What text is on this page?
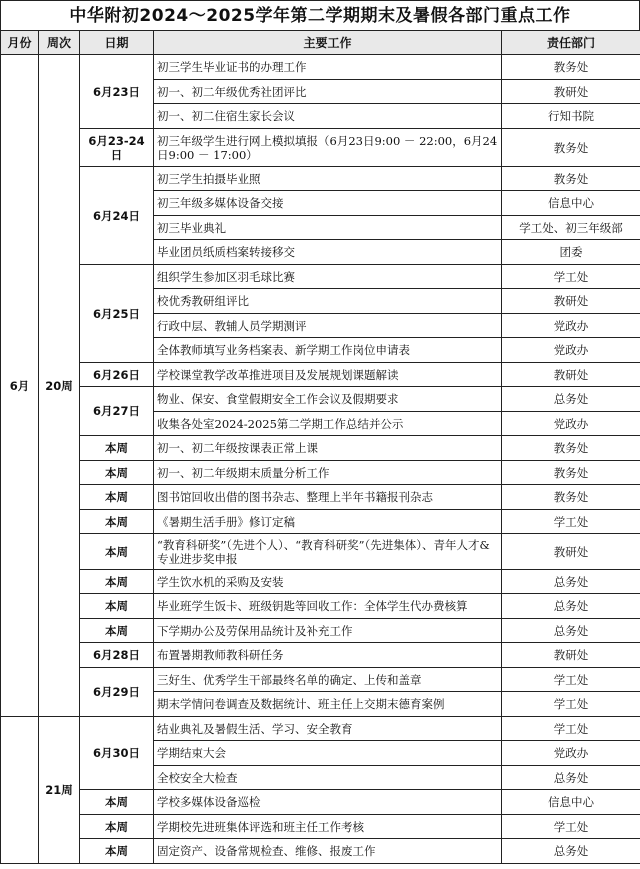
中华附初2024～2025学年第二学期期末及暑假各部门重点工作
月份	周次	日期	主要工作	责任部门
6月	20周	6月23日	初三学生毕业证书的办理工作	教务处
			初一、初二年级优秀社团评比	教研处
			初一、初二住宿生家长会议	行知书院
		6月23-24日	初三年级学生进行网上模拟填报（6月23日9:00 － 22:00，6月24日9:00 － 17:00）	教务处
		6月24日	初三学生拍摄毕业照	教务处
			初三年级多媒体设备交接	信息中心
			初三毕业典礼	学工处、初三年级部
			毕业团员纸质档案转接移交	团委
		6月25日	组织学生参加区羽毛球比赛	学工处
			校优秀教研组评比	教研处
			行政中层、教辅人员学期测评	党政办
			全体教师填写业务档案表、新学期工作岗位申请表	党政办
		6月26日	学校课堂教学改革推进项目及发展规划课题解读	教研处
		6月27日	物业、保安、食堂假期安全工作会议及假期要求	总务处
			收集各处室2024-2025第二学期工作总结并公示	党政办
		本周	初一、初二年级按课表正常上课	教务处
		本周	初一、初二年级期末质量分析工作	教务处
		本周	图书馆回收出借的图书杂志、整理上半年书籍报刊杂志	教务处
		本周	《暑期生活手册》修订定稿	学工处
		本周	“教育科研奖”（先进个人）、“教育科研奖”（先进集体）、青年人才&专业进步奖申报	教研处
		本周	学生饮水机的采购及安装	总务处
		本周	毕业班学生饭卡、班级钥匙等回收工作：全体学生代办费核算	总务处
		本周	下学期办公及劳保用品统计及补充工作	总务处
		6月28日	布置暑期教师教科研任务	教研处
		6月29日	三好生、优秀学生干部最终名单的确定、上传和盖章	学工处
			期末学情问卷调查及数据统计、班主任上交期末德育案例	学工处
	21周	6月30日	结业典礼及暑假生活、学习、安全教育	学工处
			学期结束大会	党政办
			全校安全大检查	总务处
		本周	学校多媒体设备巡检	信息中心
		本周	学期校先进班集体评选和班主任工作考核	学工处
		本周	固定资产、设备常规检查、维修、报废工作	总务处
